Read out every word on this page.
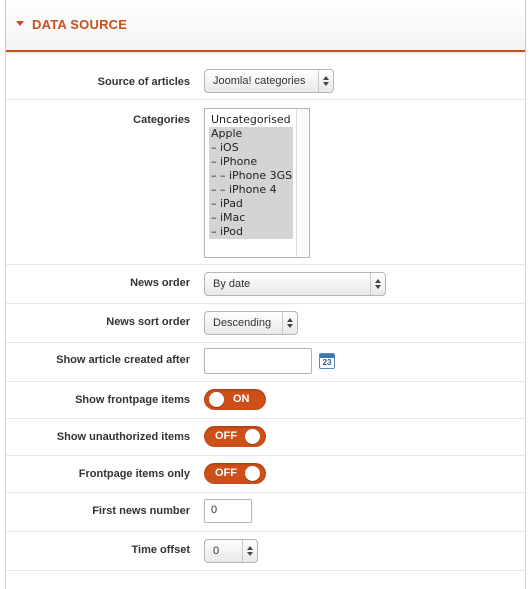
DATA SOURCE
Source of articles	Joomla! categories
Categories Uncategorised
Apple
– iOS
– iPhone
– – iPhone 3GS
– – iPhone 4
– iPad
– iMac
– iPod
News order	By date
News sort order	Descending
Show article created after	23
Show frontpage items	ON
Show unauthorized items OFF
Frontpage items only OFF
First news number	0
Time offset	0
